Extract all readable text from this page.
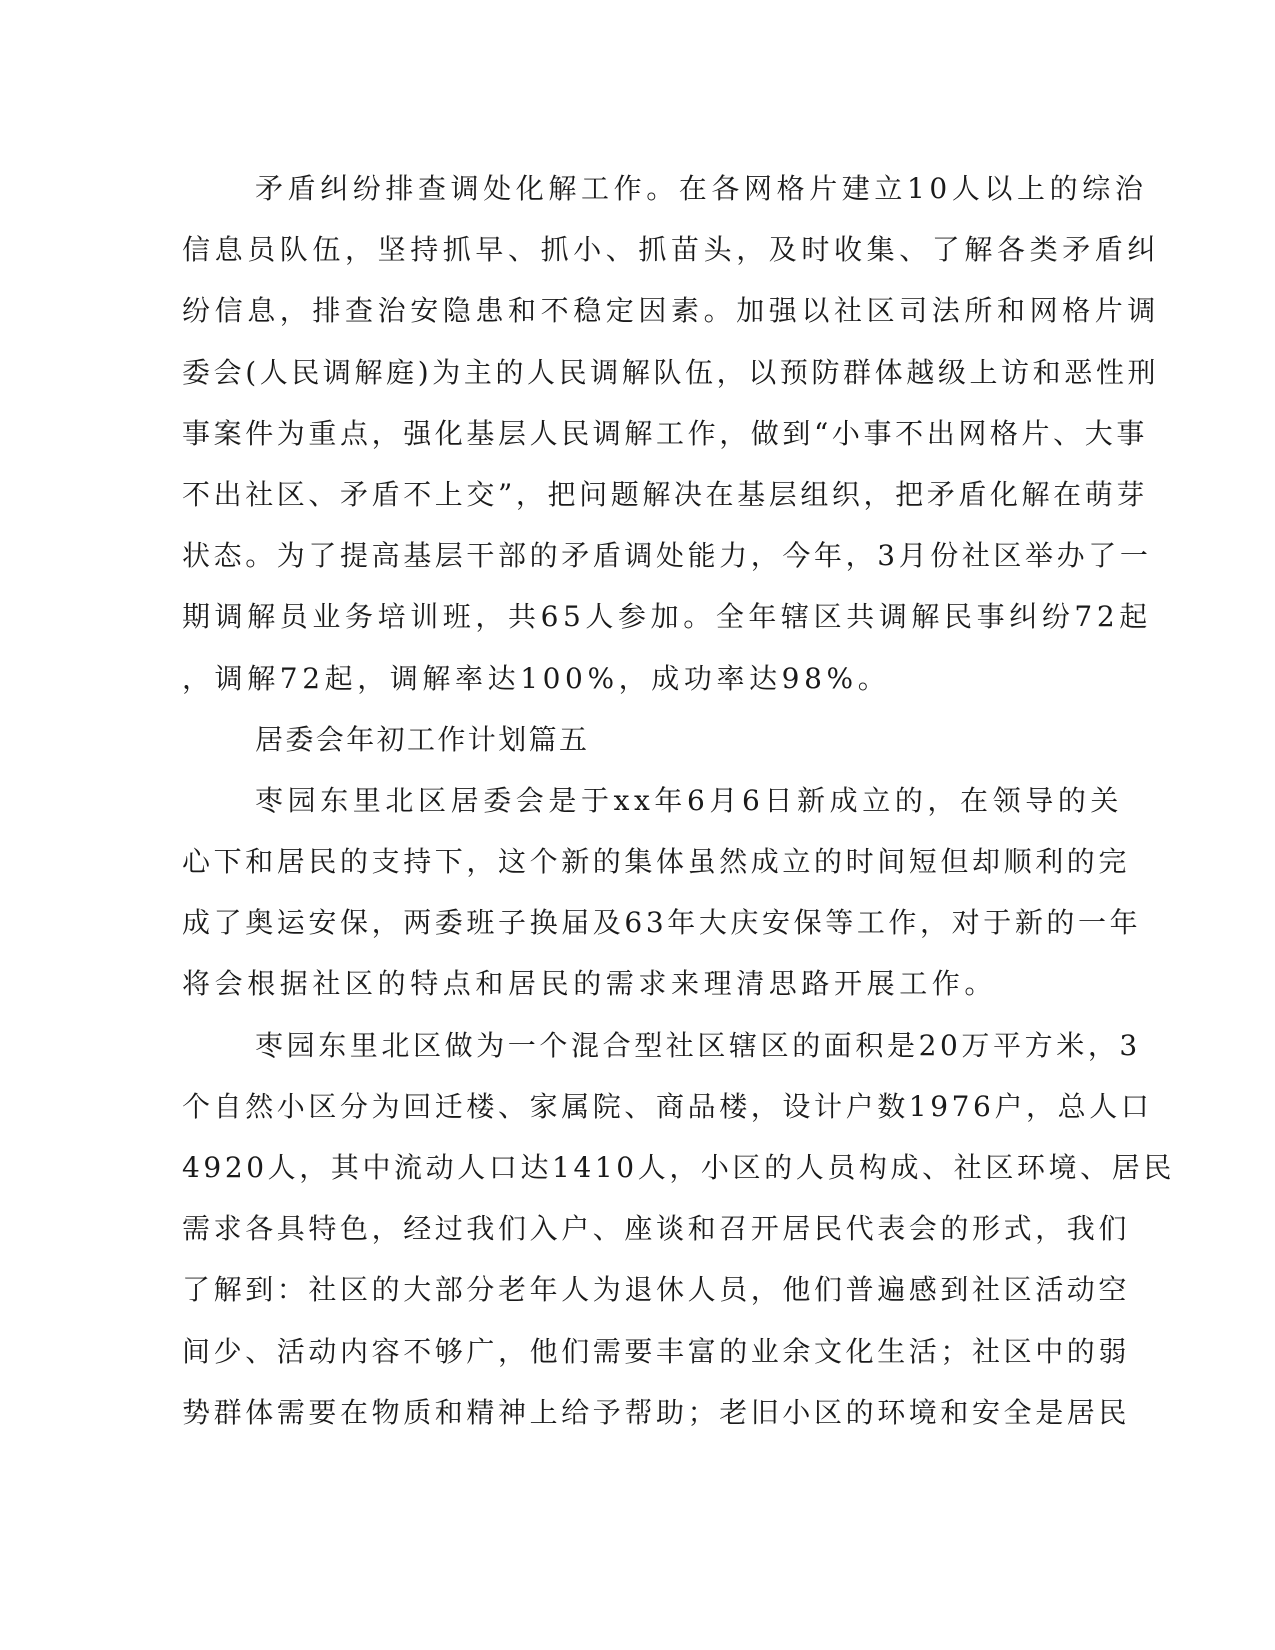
矛盾纠纷排查调处化解工作。在各网格片建立10人以上的综治
信息员队伍，坚持抓早、抓小、抓苗头，及时收集、了解各类矛盾纠
纷信息，排查治安隐患和不稳定因素。加强以社区司法所和网格片调
委会(人民调解庭)为主的人民调解队伍，以预防群体越级上访和恶性刑
事案件为重点，强化基层人民调解工作，做到“小事不出网格片、大事
不出社区、矛盾不上交”，把问题解决在基层组织，把矛盾化解在萌芽
状态。为了提高基层干部的矛盾调处能力，今年，3月份社区举办了一
期调解员业务培训班，共65人参加。全年辖区共调解民事纠纷72起
，调解72起，调解率达100%，成功率达98%。
居委会年初工作计划篇五
枣园东里北区居委会是于xx年6月6日新成立的，在领导的关
心下和居民的支持下，这个新的集体虽然成立的时间短但却顺利的完
成了奥运安保，两委班子换届及63年大庆安保等工作，对于新的一年
将会根据社区的特点和居民的需求来理清思路开展工作。
枣园东里北区做为一个混合型社区辖区的面积是20万平方米，3
个自然小区分为回迁楼、家属院、商品楼，设计户数1976户，总人口
4920人，其中流动人口达1410人，小区的人员构成、社区环境、居民
需求各具特色，经过我们入户、座谈和召开居民代表会的形式，我们
了解到：社区的大部分老年人为退休人员，他们普遍感到社区活动空
间少、活动内容不够广，他们需要丰富的业余文化生活；社区中的弱
势群体需要在物质和精神上给予帮助；老旧小区的环境和安全是居民
